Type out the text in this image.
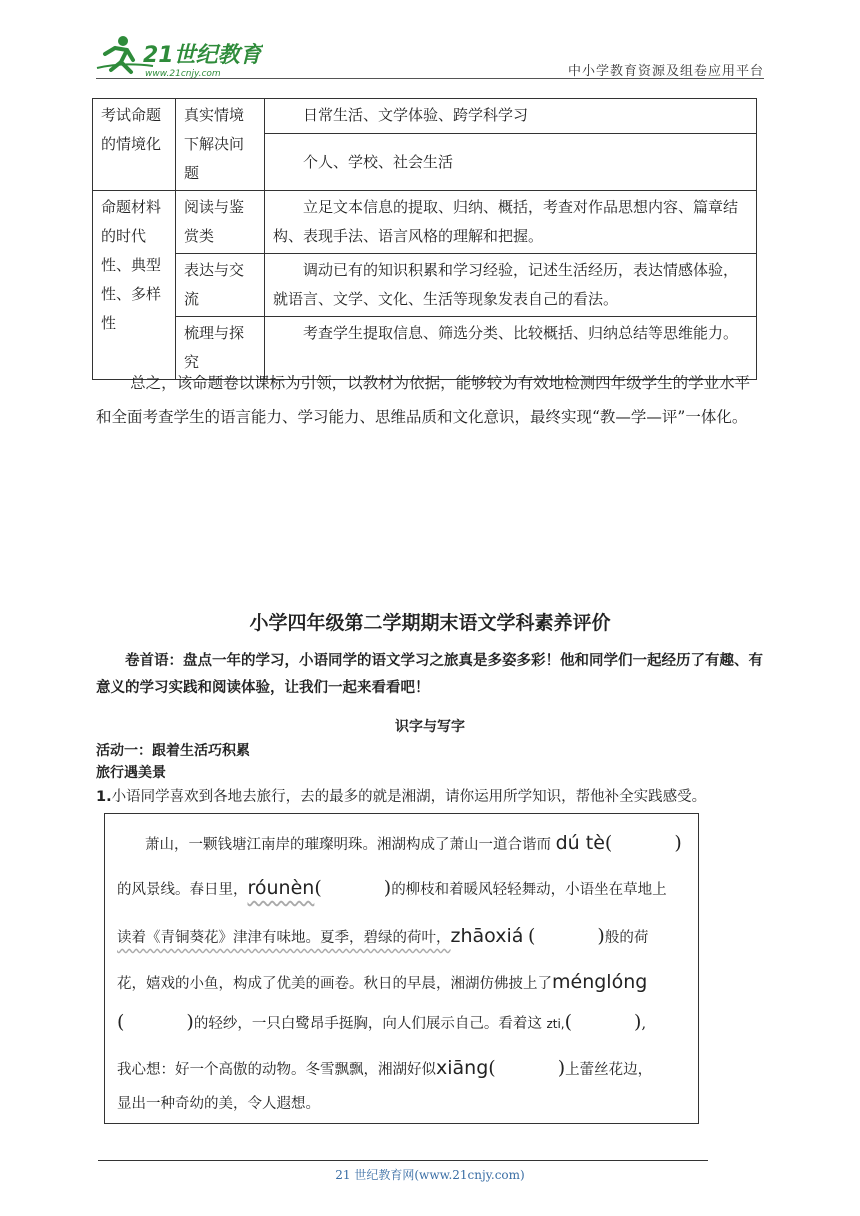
21世纪教育
www.21cnjy.com	中小学教育资源及组卷应用平台
考试命题的情境化	真实情境下解决问题	日常生活、文学体验、跨学科学习
		个人、学校、社会生活
命题材料的时代性、典型性、多样性	阅读与鉴赏类	立足文本信息的提取、归纳、概括，考查对作品思想内容、篇章结构、表现手法、语言风格的理解和把握。
	表达与交流	调动已有的知识积累和学习经验，记述生活经历，表达情感体验，就语言、文学、文化、生活等现象发表自己的看法。
	梳理与探究	考查学生提取信息、筛选分类、比较概括、归纳总结等思维能力。
总之，该命题卷以课标为引领，以教材为依据，能够较为有效地检测四年级学生的学业水平和全面考查学生的语言能力、学习能力、思维品质和文化意识，最终实现“教—学—评”一体化。
小学四年级第二学期期末语文学科素养评价
卷首语：盘点一年的学习，小语同学的语文学习之旅真是多姿多彩！他和同学们一起经历了有趣、有意义的学习实践和阅读体验，让我们一起来看看吧！
识字与写字
活动一：跟着生活巧积累
旅行遇美景
1.小语同学喜欢到各地去旅行，去的最多的就是湘湖，请你运用所学知识，帮他补全实践感受。
萧山，一颗钱塘江南岸的璀璨明珠。湘湖构成了萧山一道合谐而 dú tè(	)
的风景线。春日里，róunèn(	)的柳枝和着暖风轻轻舞动，小语坐在草地上
读着《青铜葵花》津津有味地。夏季，碧绿的荷叶，zhāoxiá (	)般的荷
花，嬉戏的小鱼，构成了优美的画卷。秋日的早晨，湘湖仿佛披上了ménglóng
(	)的轻纱，一只白鹭昂手挺胸，向人们展示自己。看着这 zti,(	),
我心想：好一个高傲的动物。冬雪飘飘，湘湖好似xiāng(	)上蕾丝花边，
显出一种奇幼的美，令人遐想。
21 世纪教育网(www.21cnjy.com)
